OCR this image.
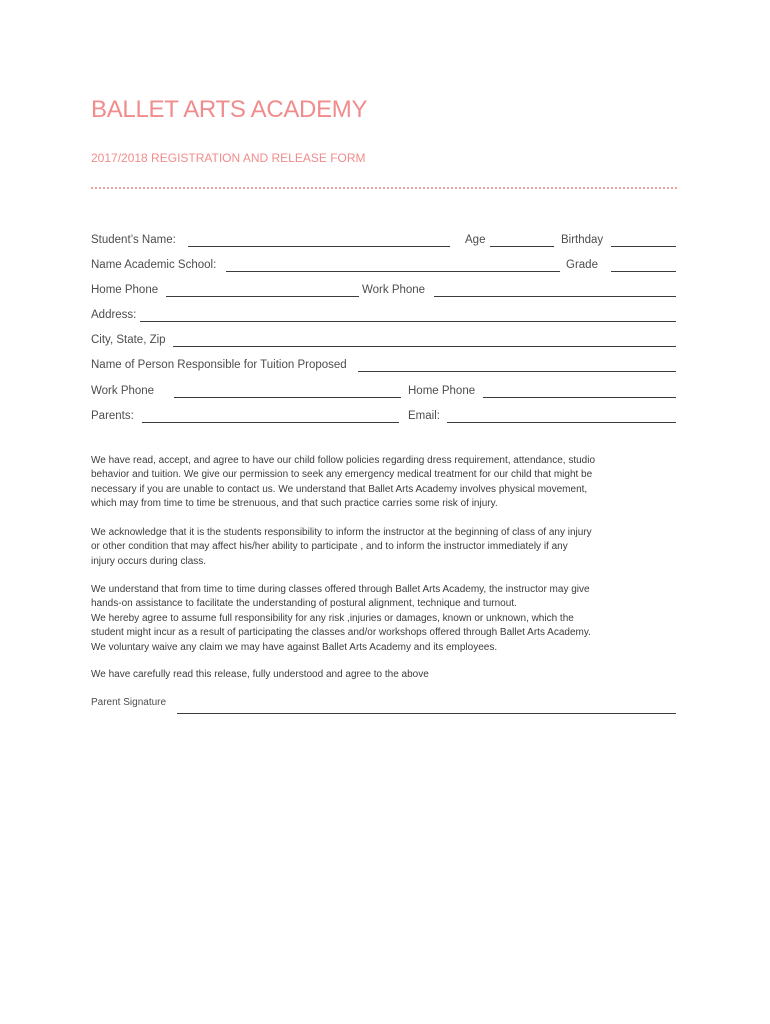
BALLET ARTS ACADEMY
2017/2018 REGISTRATION AND RELEASE FORM
Student’s Name:	Age	Birthday
Name Academic School:	Grade
Home Phone	Work Phone
Address:
City, State, Zip
Name of Person Responsible for Tuition Proposed
Work Phone	Home Phone
Parents:	Email:
We have read, accept, and agree to have our child follow policies regarding dress requirement, attendance, studio
behavior and tuition. We give our permission to seek any emergency medical treatment for our child that might be
necessary if you are unable to contact us. We understand that Ballet Arts Academy involves physical movement,
which may from time to time be strenuous, and that such practice carries some risk of injury.
We acknowledge that it is the students responsibility to inform the instructor at the beginning of class of any injury
or other condition that may affect his/her ability to participate , and to inform the instructor immediately if any
injury occurs during class.
We understand that from time to time during classes offered through Ballet Arts Academy, the instructor may give
hands-on assistance to facilitate the understanding of postural alignment, technique and turnout.
We hereby agree to assume full responsibility for any risk ,injuries or damages, known or unknown, which the
student might incur as a result of participating the classes and/or workshops offered through Ballet Arts Academy.
We voluntary waive any claim we may have against Ballet Arts Academy and its employees.
We have carefully read this release, fully understood and agree to the above
Parent Signature
